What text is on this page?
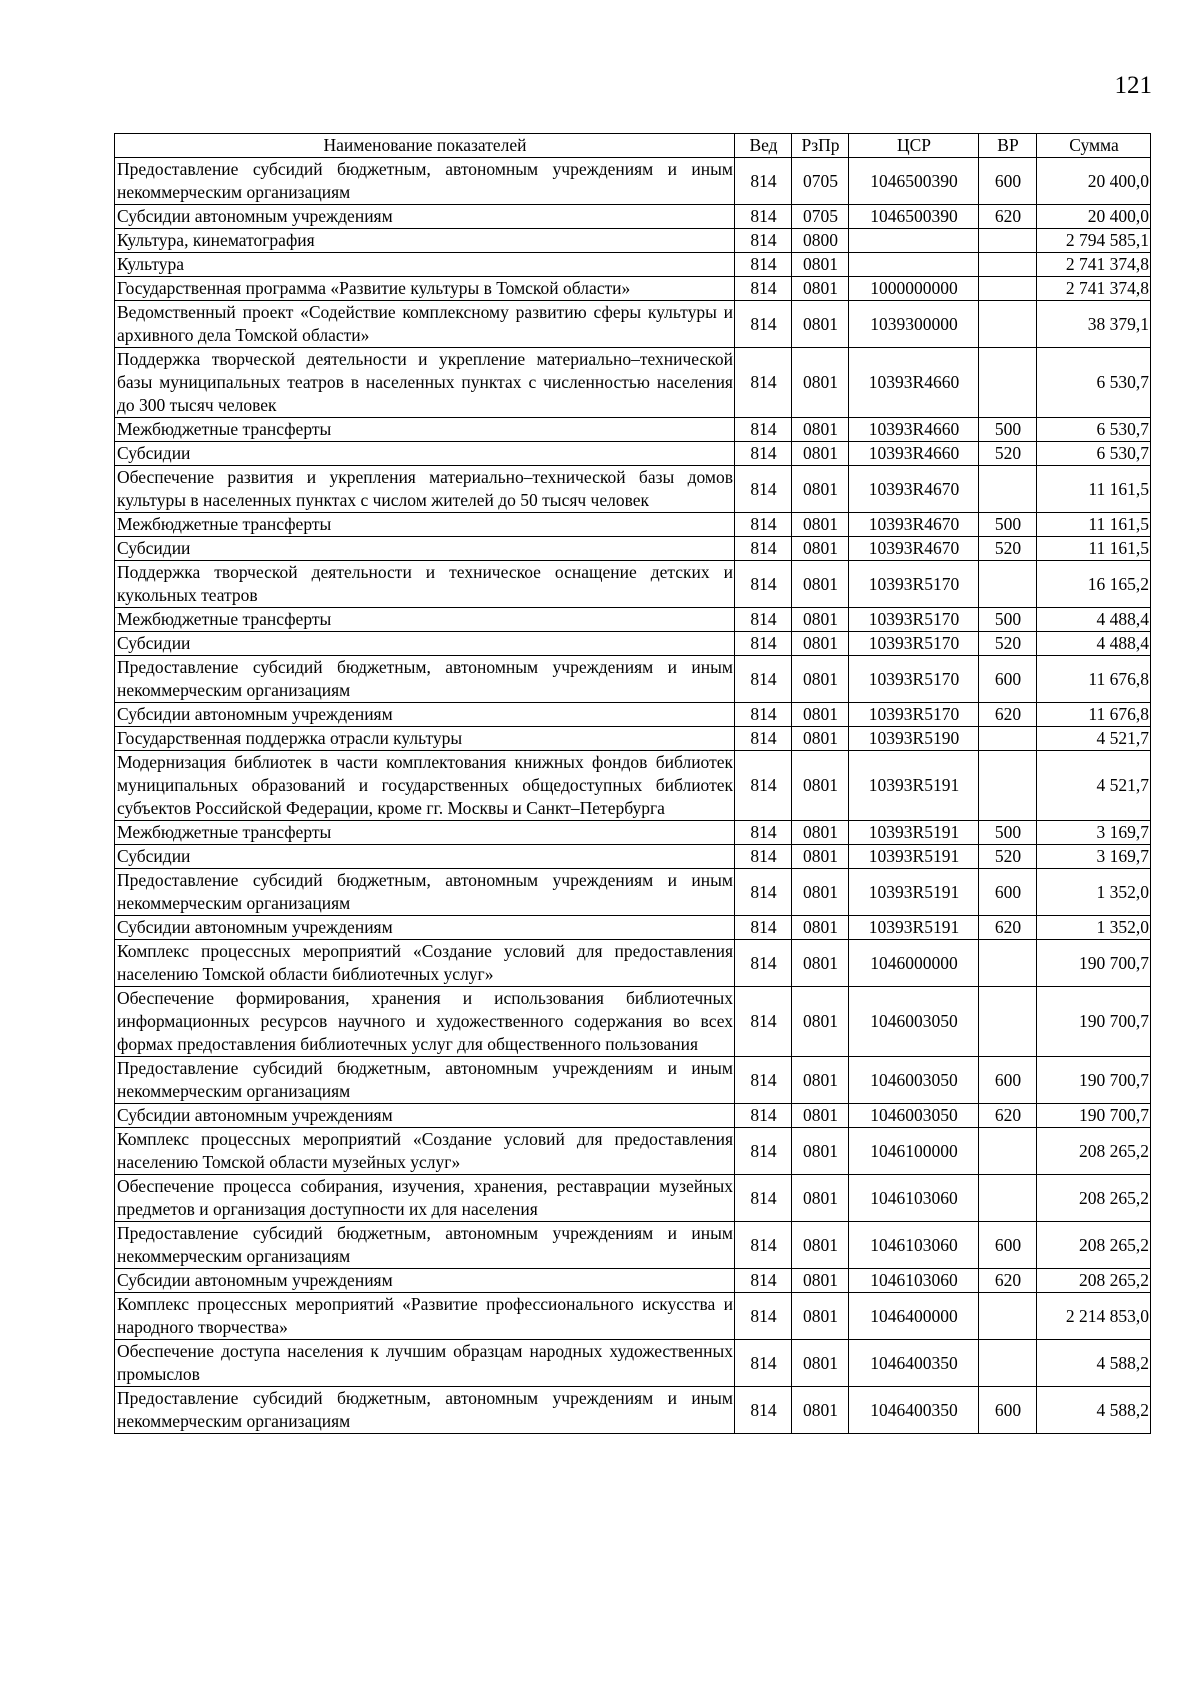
121
Наименование показателей	Вед	РзПр	ЦСР	ВР	Сумма
Предоставление субсидий бюджетным, автономным учреждениям и иным некоммерческим организациям	814	0705	1046500390	600	20 400,0
Субсидии автономным учреждениям	814	0705	1046500390	620	20 400,0
Культура, кинематография	814	0800			2 794 585,1
Культура	814	0801			2 741 374,8
Государственная программа «Развитие культуры в Томской области»	814	0801	1000000000		2 741 374,8
Ведомственный проект «Содействие комплексному развитию сферы культуры и архивного дела Томской области»	814	0801	1039300000		38 379,1
Поддержка творческой деятельности и укрепление материально–технической базы муниципальных театров в населенных пунктах с численностью населения до 300 тысяч человек	814	0801	10393R4660		6 530,7
Межбюджетные трансферты	814	0801	10393R4660	500	6 530,7
Субсидии	814	0801	10393R4660	520	6 530,7
Обеспечение развития и укрепления материально–технической базы домов культуры в населенных пунктах с числом жителей до 50 тысяч человек	814	0801	10393R4670		11 161,5
Межбюджетные трансферты	814	0801	10393R4670	500	11 161,5
Субсидии	814	0801	10393R4670	520	11 161,5
Поддержка творческой деятельности и техническое оснащение детских и кукольных театров	814	0801	10393R5170		16 165,2
Межбюджетные трансферты	814	0801	10393R5170	500	4 488,4
Субсидии	814	0801	10393R5170	520	4 488,4
Предоставление субсидий бюджетным, автономным учреждениям и иным некоммерческим организациям	814	0801	10393R5170	600	11 676,8
Субсидии автономным учреждениям	814	0801	10393R5170	620	11 676,8
Государственная поддержка отрасли культуры	814	0801	10393R5190		4 521,7
Модернизация библиотек в части комплектования книжных фондов библиотек муниципальных образований и государственных общедоступных библиотек субъектов Российской Федерации, кроме гг. Москвы и Санкт–Петербурга	814	0801	10393R5191		4 521,7
Межбюджетные трансферты	814	0801	10393R5191	500	3 169,7
Субсидии	814	0801	10393R5191	520	3 169,7
Предоставление субсидий бюджетным, автономным учреждениям и иным некоммерческим организациям	814	0801	10393R5191	600	1 352,0
Субсидии автономным учреждениям	814	0801	10393R5191	620	1 352,0
Комплекс процессных мероприятий «Создание условий для предоставления населению Томской области библиотечных услуг»	814	0801	1046000000		190 700,7
Обеспечение формирования, хранения и использования библиотечных информационных ресурсов научного и художественного содержания во всех формах предоставления библиотечных услуг для общественного пользования	814	0801	1046003050		190 700,7
Предоставление субсидий бюджетным, автономным учреждениям и иным некоммерческим организациям	814	0801	1046003050	600	190 700,7
Субсидии автономным учреждениям	814	0801	1046003050	620	190 700,7
Комплекс процессных мероприятий «Создание условий для предоставления населению Томской области музейных услуг»	814	0801	1046100000		208 265,2
Обеспечение процесса собирания, изучения, хранения, реставрации музейных предметов и организация доступности их для населения	814	0801	1046103060		208 265,2
Предоставление субсидий бюджетным, автономным учреждениям и иным некоммерческим организациям	814	0801	1046103060	600	208 265,2
Субсидии автономным учреждениям	814	0801	1046103060	620	208 265,2
Комплекс процессных мероприятий «Развитие профессионального искусства и народного творчества»	814	0801	1046400000		2 214 853,0
Обеспечение доступа населения к лучшим образцам народных художественных промыслов	814	0801	1046400350		4 588,2
Предоставление субсидий бюджетным, автономным учреждениям и иным некоммерческим организациям	814	0801	1046400350	600	4 588,2
